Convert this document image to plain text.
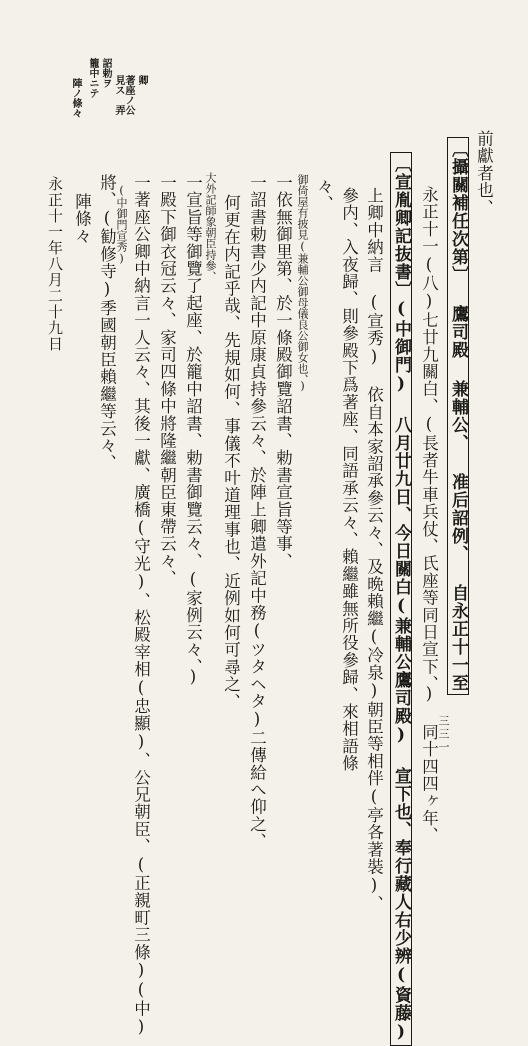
籠中ニテ 詔勅ヲ 見ス
弄 著座ノ公 卿
陣ノ條々
三三一
前獻者也、
〔攝關補任次第〕 鷹司殿 兼輔公、 准后詔例、 自永正十一至
永正十一(八)七廿九關白、(長者牛車兵仗、氏座等同日宣下、) 同十四四ヶ年、
〔宣胤卿記抜書〕(中御門) 八月廿九日、今日關白(兼輔公鷹司殿) 宣下也、奉行藏人右少辨(資藤)
上卿中納言 (宣秀) 依自本家詔承參云々、及晩賴繼(冷泉)朝臣等相伴(亭各著裝)、
參内、入夜歸、則參殿下爲著座、同語承云々、賴繼雖無所役參歸、來相語條
々、
御倚屋有披見(兼輔公御母儀良公御女也、)
一依無御里第、於一條殿御覽詔書、勅書宣旨等事、
一詔書勅書少内記中原康貞持參云々、於陣上卿遣外記中務(ツタヘタ)二傳給へ仰之、
何更在内記乎哉、先規如何、事儀不叶道理事也、近例如何可尋之、
大外記師象朝臣持參、
一宣旨等御覽了起座、於籠中詔書、勅書御覽云々、(家例云々、)
一殿下御衣冠云々、家司四條中將隆繼朝臣東帶云々、
一著座公卿中納言一人云々、其後一獻、廣橋(守光)、松殿宰相(忠顯)、公兄朝臣、(正親町三條)(中)
(中御門宣秀)
將、(勧修寺)季國朝臣賴繼等云々、
陣條々
永正十一年八月二十九日
